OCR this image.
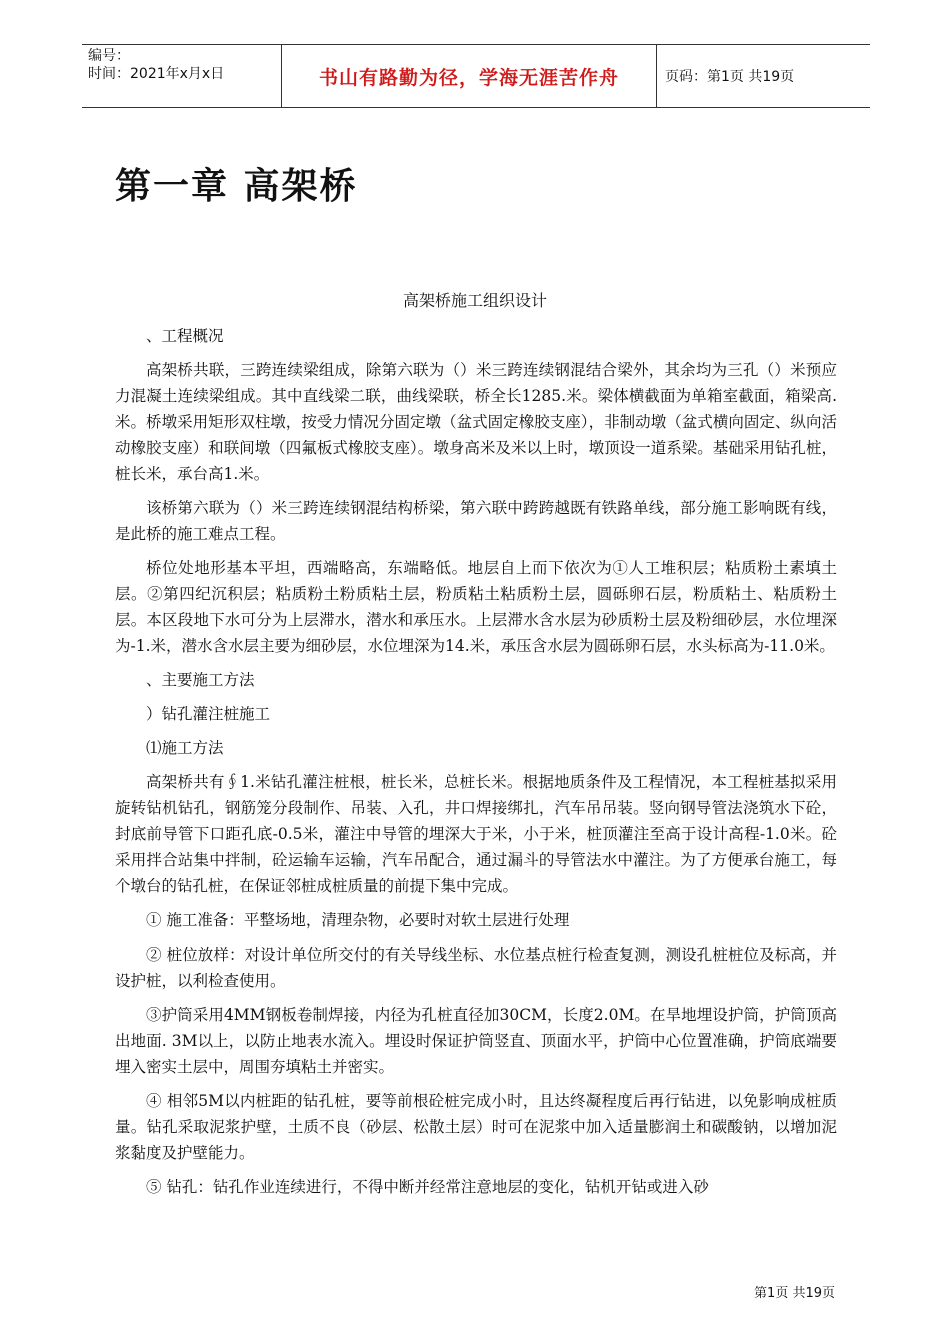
编号：
时间：2021年x月x日	书山有路勤为径，学海无涯苦作舟	页码：第1页 共19页
第一章 高架桥
高架桥施工组织设计

、工程概况

高架桥共联，三跨连续梁组成，除第六联为（）米三跨连续钢混结合梁外，其余均为三孔（）米预应力混凝土连续梁组成。其中直线梁二联，曲线梁联，桥全长1285.米。梁体横截面为单箱室截面，箱梁高. 米。桥墩采用矩形双柱墩，按受力情况分固定墩（盆式固定橡胶支座），非制动墩（盆式横向固定、纵向活动橡胶支座）和联间墩（四氟板式橡胶支座）。墩身高米及米以上时，墩顶设一道系梁。基础采用钻孔桩，桩长米，承台高1.米。

该桥第六联为（）米三跨连续钢混结构桥梁，第六联中跨跨越既有铁路单线，部分施工影响既有线，是此桥的施工难点工程。

桥位处地形基本平坦，西端略高，东端略低。地层自上而下依次为①人工堆积层；粘质粉土素填土层。②第四纪沉积层；粘质粉土粉质粘土层，粉质粘土粘质粉土层，圆砾卵石层，粉质粘土、粘质粉土层。本区段地下水可分为上层滞水，潜水和承压水。上层滞水含水层为砂质粉土层及粉细砂层，水位埋深为-1.米，潜水含水层主要为细砂层，水位埋深为14.米，承压含水层为圆砾卵石层，水头标高为-11.0米。

、主要施工方法

）钻孔灌注桩施工

⑴施工方法

高架桥共有∮1.米钻孔灌注桩根，桩长米，总桩长米。根据地质条件及工程情况，本工程桩基拟采用旋转钻机钻孔，钢筋笼分段制作、吊装、入孔，井口焊接绑扎，汽车吊吊装。竖向钢导管法浇筑水下砼，封底前导管下口距孔底-0.5米，灌注中导管的埋深大于米，小于米，桩顶灌注至高于设计高程-1.0米。砼采用拌合站集中拌制，砼运输车运输，汽车吊配合，通过漏斗的导管法水中灌注。为了方便承台施工，每个墩台的钻孔桩，在保证邻桩成桩质量的前提下集中完成。

① 施工准备：平整场地，清理杂物，必要时对软土层进行处理

② 桩位放样：对设计单位所交付的有关导线坐标、水位基点桩行检查复测，测设孔桩桩位及标高，并设护桩，以利检查使用。

③护筒采用4MM钢板卷制焊接，内径为孔桩直径加30CM，长度2.0M。在旱地埋设护筒，护筒顶高出地面. 3M以上，以防止地表水流入。埋设时保证护筒竖直、顶面水平，护筒中心位置准确，护筒底端要埋入密实土层中，周围夯填粘土并密实。

④ 相邻5M以内桩距的钻孔桩，要等前根砼桩完成小时，且达终凝程度后再行钻进，以免影响成桩质量。钻孔采取泥浆护壁，土质不良（砂层、松散土层）时可在泥浆中加入适量膨润土和碳酸钠，以增加泥浆黏度及护壁能力。

⑤ 钻孔：钻孔作业连续进行，不得中断并经常注意地层的变化，钻机开钻或进入砂

第1页 共19页
